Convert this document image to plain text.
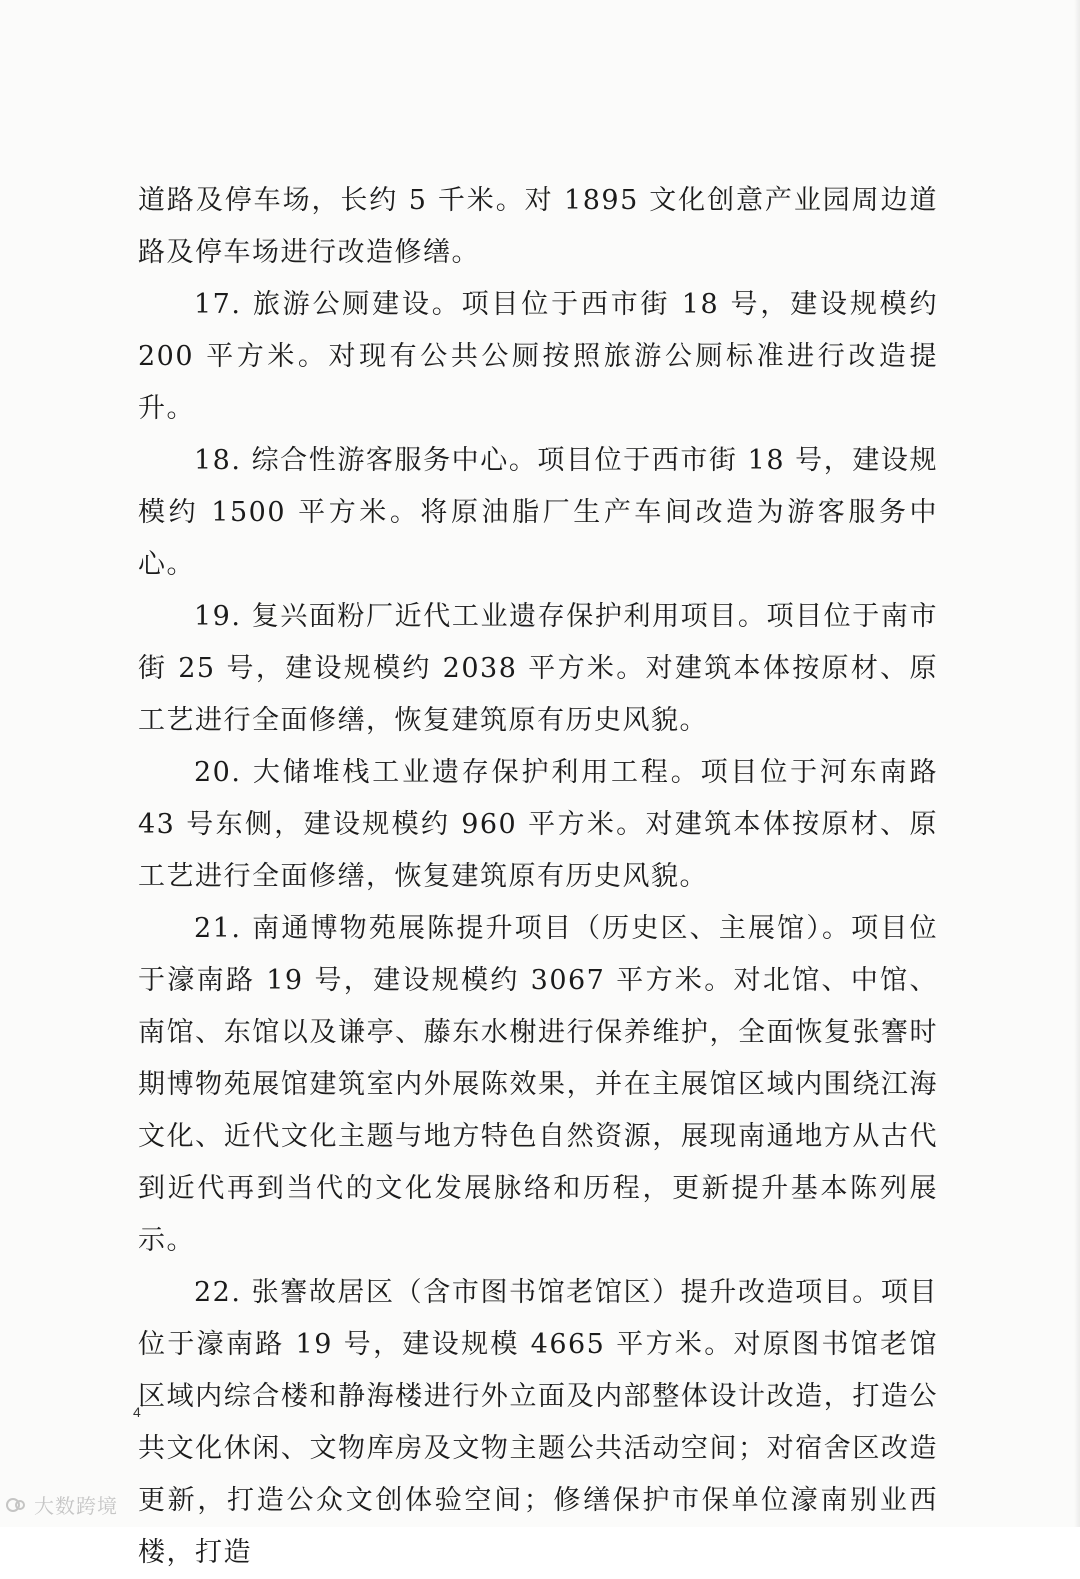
道路及停车场，长约 5 千米。对 1895 文化创意产业园周边道路及停车场进行改造修缮。

17. 旅游公厕建设。项目位于西市街 18 号，建设规模约 200 平方米。对现有公共公厕按照旅游公厕标准进行改造提升。

18. 综合性游客服务中心。项目位于西市街 18 号，建设规模约 1500 平方米。将原油脂厂生产车间改造为游客服务中心。

19. 复兴面粉厂近代工业遗存保护利用项目。项目位于南市街 25 号，建设规模约 2038 平方米。对建筑本体按原材、原工艺进行全面修缮，恢复建筑原有历史风貌。

20. 大储堆栈工业遗存保护利用工程。项目位于河东南路 43 号东侧，建设规模约 960 平方米。对建筑本体按原材、原工艺进行全面修缮，恢复建筑原有历史风貌。

21. 南通博物苑展陈提升项目（历史区、主展馆）。项目位于濠南路 19 号，建设规模约 3067 平方米。对北馆、中馆、南馆、东馆以及谦亭、藤东水榭进行保养维护，全面恢复张謇时期博物苑展馆建筑室内外展陈效果，并在主展馆区域内围绕江海文化、近代文化主题与地方特色自然资源，展现南通地方从古代到近代再到当代的文化发展脉络和历程，更新提升基本陈列展示。

22. 张謇故居区（含市图书馆老馆区）提升改造项目。项目位于濠南路 19 号，建设规模 4665 平方米。对原图书馆老馆区域内综合楼和静海楼进行外立面及内部整体设计改造，打造公共文化休闲、文物库房及文物主题公共活动空间；对宿舍区改造更新，打造公众文创体验空间；修缮保护市保单位濠南别业西楼，打造

4
大数跨境
